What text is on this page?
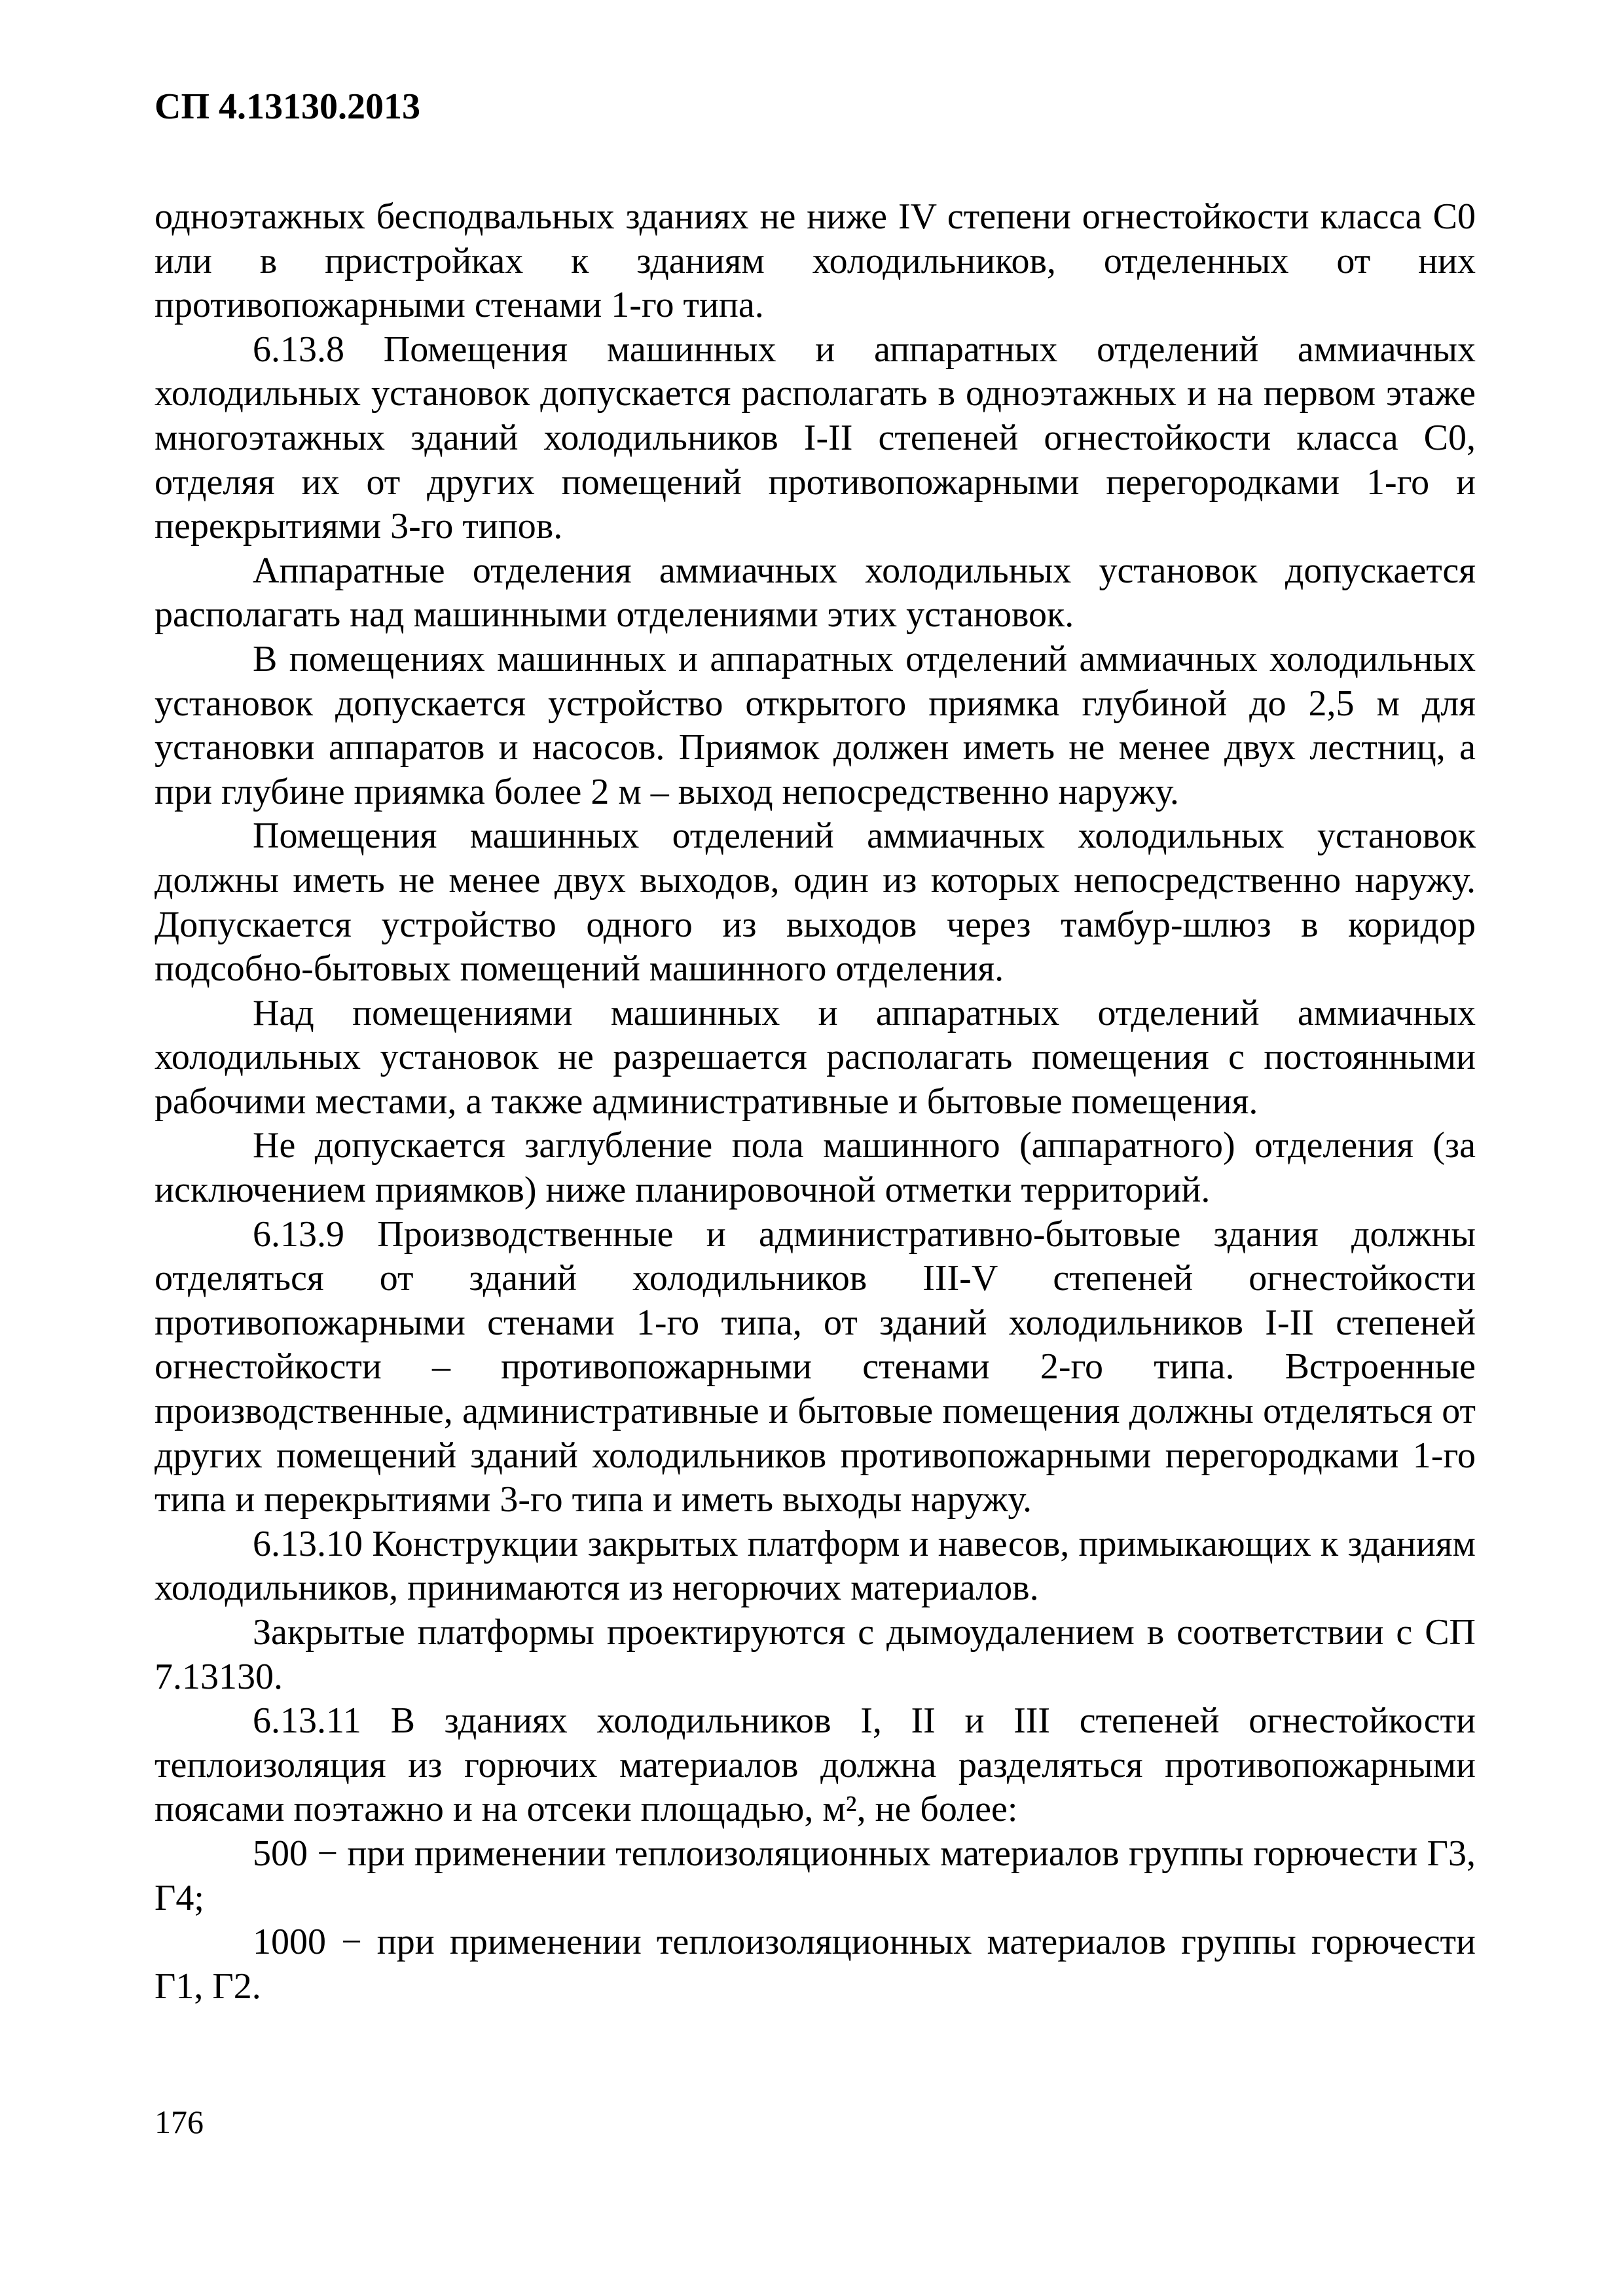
СП 4.13130.2013

одноэтажных бесподвальных зданиях не ниже IV степени огнестойкости класса С0 или в пристройках к зданиям холодильников, отделенных от них противопожарными стенами 1-го типа.

6.13.8 Помещения машинных и аппаратных отделений аммиачных холодильных установок допускается располагать в одноэтажных и на первом этаже многоэтажных зданий холодильников I-II степеней огнестойкости класса С0, отделяя их от других помещений противопожарными перегородками 1-го и перекрытиями 3-го типов.

Аппаратные отделения аммиачных холодильных установок допускается располагать над машинными отделениями этих установок.

В помещениях машинных и аппаратных отделений аммиачных холодильных установок допускается устройство открытого приямка глубиной до 2,5 м для установки аппаратов и насосов. Приямок должен иметь не менее двух лестниц, а при глубине приямка более 2 м – выход непосредственно наружу.

Помещения машинных отделений аммиачных холодильных установок должны иметь не менее двух выходов, один из которых непосредственно наружу. Допускается устройство одного из выходов через тамбур-шлюз в коридор подсобно-бытовых помещений машинного отделения.

Над помещениями машинных и аппаратных отделений аммиачных холодильных установок не разрешается располагать помещения с постоянными рабочими местами, а также административные и бытовые помещения.

Не допускается заглубление пола машинного (аппаратного) отделения (за исключением приямков) ниже планировочной отметки территорий.

6.13.9 Производственные и административно-бытовые здания должны отделяться от зданий холодильников III-V степеней огнестойкости противопожарными стенами 1-го типа, от зданий холодильников I-II степеней огнестойкости – противопожарными стенами 2-го типа. Встроенные производственные, административные и бытовые помещения должны отделяться от других помещений зданий холодильников противопожарными перегородками 1-го типа и перекрытиями 3-го типа и иметь выходы наружу.

6.13.10 Конструкции закрытых платформ и навесов, примыкающих к зданиям холодильников, принимаются из негорючих материалов.

Закрытые платформы проектируются с дымоудалением в соответствии с СП 7.13130.

6.13.11 В зданиях холодильников I, II и III степеней огнестойкости теплоизоляция из горючих материалов должна разделяться противопожарными поясами поэтажно и на отсеки площадью, м², не более:

500 − при применении теплоизоляционных материалов группы горючести Г3, Г4;

1000 − при применении теплоизоляционных материалов группы горючести Г1, Г2.

176
